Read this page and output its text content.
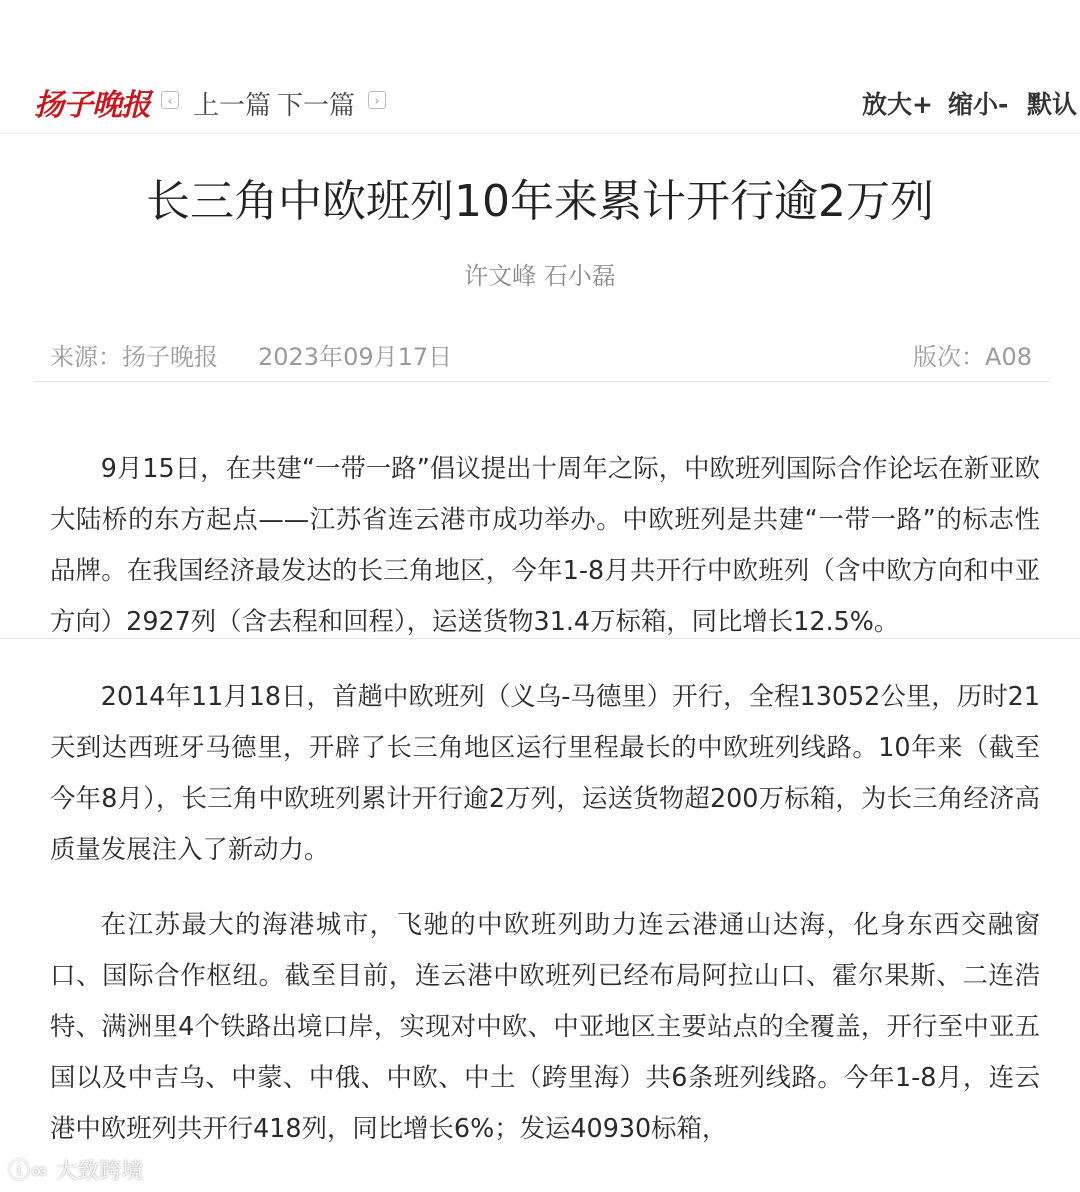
扬子晚报	‹ 上一篇 下一篇	›	放大+ 缩小- 默认
长三角中欧班列10年来累计开行逾2万列
许文峰 石小磊
来源：扬子晚报 2023年09月17日	版次：A08

9月15日，在共建“一带一路”倡议提出十周年之际，中欧班列国际合作论坛在新亚欧大陆桥的东方起点——江苏省连云港市成功举办。中欧班列是共建“一带一路”的标志性品牌。在我国经济最发达的长三角地区，今年1-8月共开行中欧班列（含中欧方向和中亚方向）2927列（含去程和回程），运送货物31.4万标箱，同比增长12.5%。

2014年11月18日，首趟中欧班列（义乌-马德里）开行，全程13052公里，历时21天到达西班牙马德里，开辟了长三角地区运行里程最长的中欧班列线路。10年来（截至今年8月），长三角中欧班列累计开行逾2万列，运送货物超200万标箱，为长三角经济高质量发展注入了新动力。

在江苏最大的海港城市，飞驰的中欧班列助力连云港通山达海，化身东西交融窗口、国际合作枢纽。截至目前，连云港中欧班列已经布局阿拉山口、霍尔果斯、二连浩特、满洲里4个铁路出境口岸，实现对中欧、中亚地区主要站点的全覆盖，开行至中亚五国以及中吉乌、中蒙、中俄、中欧、中土（跨里海）共6条班列线路。今年1-8月，连云港中欧班列共开行418列，同比增长6%；发运40930标箱，

ⓘ∞ 大致跨境
